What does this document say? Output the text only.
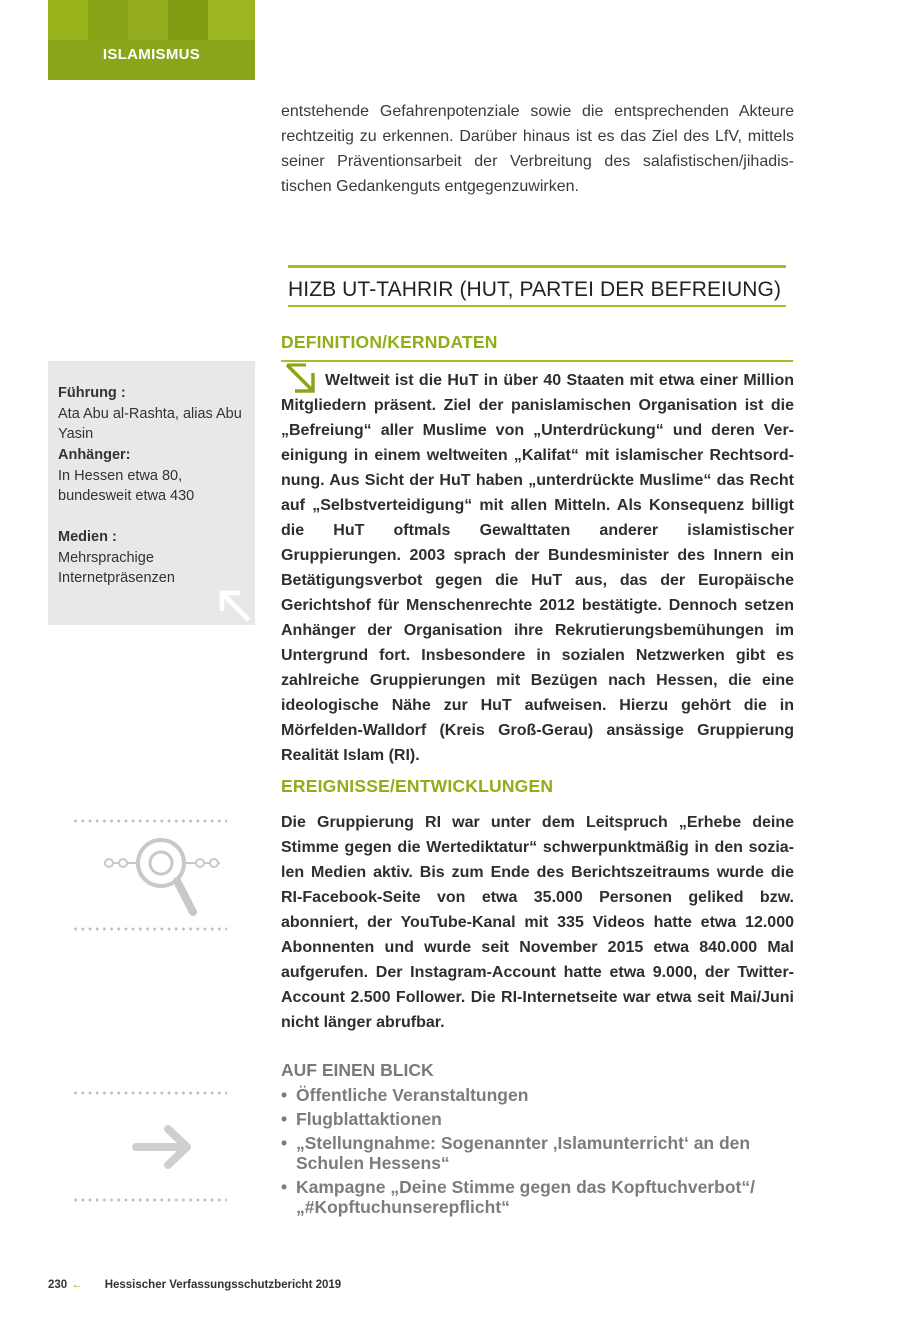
ISLAMISMUS
entstehende Gefahrenpotenziale sowie die entsprechenden Akteure rechtzeitig zu erkennen. Darüber hinaus ist es das Ziel des LfV, mittels seiner Präventionsarbeit der Verbreitung des salafistischen/jihadistischen Gedankenguts entgegenzuwirken.
HIZB UT-TAHRIR (HUT, PARTEI DER BEFREIUNG)
DEFINITION/KERNDATEN
Weltweit ist die HuT in über 40 Staaten mit etwa einer Million Mitgliedern präsent. Ziel der panislamischen Organisation ist die „Befreiung“ aller Muslime von „Unterdrückung“ und deren Vereinigung in einem weltweiten „Kalifat“ mit islamischer Rechtsordnung. Aus Sicht der HuT haben „unterdrückte Muslime“ das Recht auf „Selbstverteidigung“ mit allen Mitteln. Als Konsequenz billigt die HuT oftmals Gewalttaten anderer islamistischer Gruppierungen. 2003 sprach der Bundesminister des Innern ein Betätigungsverbot gegen die HuT aus, das der Europäische Gerichtshof für Menschenrechte 2012 bestätigte. Dennoch setzen Anhänger der Organisation ihre Rekrutierungsbemühungen im Untergrund fort. Insbesondere in sozialen Netzwerken gibt es zahlreiche Gruppierungen mit Bezügen nach Hessen, die eine ideologische Nähe zur HuT aufweisen. Hierzu gehört die in Mörfelden-Walldorf (Kreis Groß-Gerau) ansässige Gruppierung Realität Islam (RI).
Führung :
Ata Abu al-Rashta, alias Abu Yasin
Anhänger:
In Hessen etwa 80,
bundesweit etwa 430
Medien :
Mehrsprachige Internetpräsenzen
EREIGNISSE/ENTWICKLUNGEN
Die Gruppierung RI war unter dem Leitspruch „Erhebe deine Stimme gegen die Wertediktatur“ schwerpunktmäßig in den sozialen Medien aktiv. Bis zum Ende des Berichtszeitraums wurde die RI-Facebook-Seite von etwa 35.000 Personen geliked bzw. abonniert, der YouTube-Kanal mit 335 Videos hatte etwa 12.000 Abonnenten und wurde seit November 2015 etwa 840.000 Mal aufgerufen. Der Instagram-Account hatte etwa 9.000, der Twitter-Account 2.500 Follower. Die RI-Internetseite war etwa seit Mai/Juni nicht länger abrufbar.
AUF EINEN BLICK
• Öffentliche Veranstaltungen
• Flugblattaktionen
• „Stellungnahme: Sogenannter ‚Islamunterricht‘ an den Schulen Hessens“
• Kampagne „Deine Stimme gegen das Kopftuchverbot“/ „#Kopftuchunserepflicht“
230 ← Hessischer Verfassungsschutzbericht 2019
